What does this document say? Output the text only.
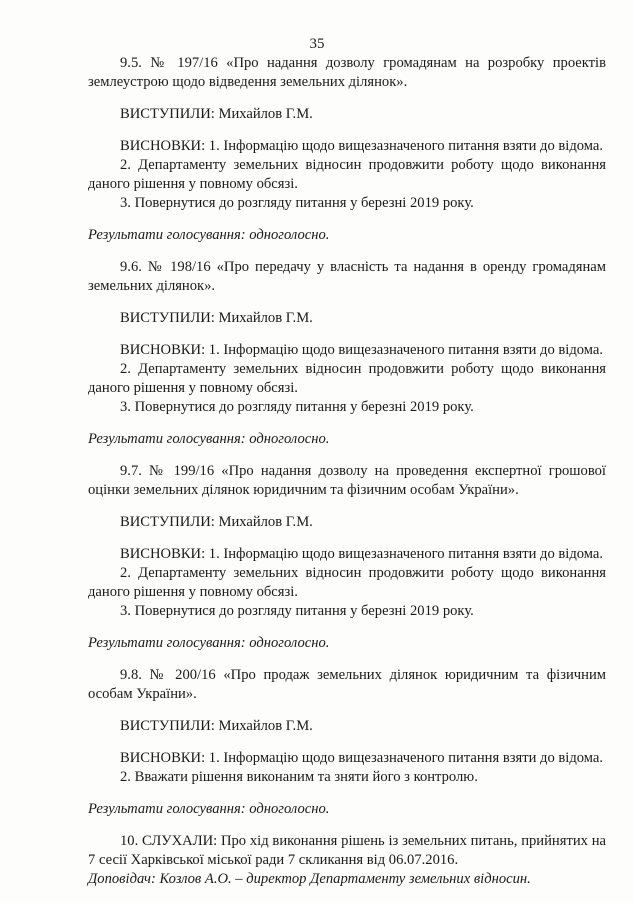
35

9.5. № 197/16 «Про надання дозволу громадянам на розробку проектів землеустрою щодо відведення земельних ділянок».

ВИСТУПИЛИ: Михайлов Г.М.

ВИСНОВКИ: 1. Інформацію щодо вищезазначеного питання взяти до відома.

2. Департаменту земельних відносин продовжити роботу щодо виконання даного рішення у повному обсязі.

3. Повернутися до розгляду питання у березні 2019 року.

Результати голосування: одноголосно.

9.6. № 198/16 «Про передачу у власність та надання в оренду громадянам земельних ділянок».

ВИСТУПИЛИ: Михайлов Г.М.

ВИСНОВКИ: 1. Інформацію щодо вищезазначеного питання взяти до відома.

2. Департаменту земельних відносин продовжити роботу щодо виконання даного рішення у повному обсязі.

3. Повернутися до розгляду питання у березні 2019 року.

Результати голосування: одноголосно.

9.7. № 199/16 «Про надання дозволу на проведення експертної грошової оцінки земельних ділянок юридичним та фізичним особам України».

ВИСТУПИЛИ: Михайлов Г.М.

ВИСНОВКИ: 1. Інформацію щодо вищезазначеного питання взяти до відома.

2. Департаменту земельних відносин продовжити роботу щодо виконання даного рішення у повному обсязі.

3. Повернутися до розгляду питання у березні 2019 року.

Результати голосування: одноголосно.

9.8. № 200/16 «Про продаж земельних ділянок юридичним та фізичним особам України».

ВИСТУПИЛИ: Михайлов Г.М.

ВИСНОВКИ: 1. Інформацію щодо вищезазначеного питання взяти до відома.

2. Вважати рішення виконаним та зняти його з контролю.

Результати голосування: одноголосно.

10. СЛУХАЛИ: Про хід виконання рішень із земельних питань, прийнятих на 7 сесії Харківської міської ради 7 скликання від 06.07.2016.

Доповідач: Козлов А.О. – директор Департаменту земельних відносин.
